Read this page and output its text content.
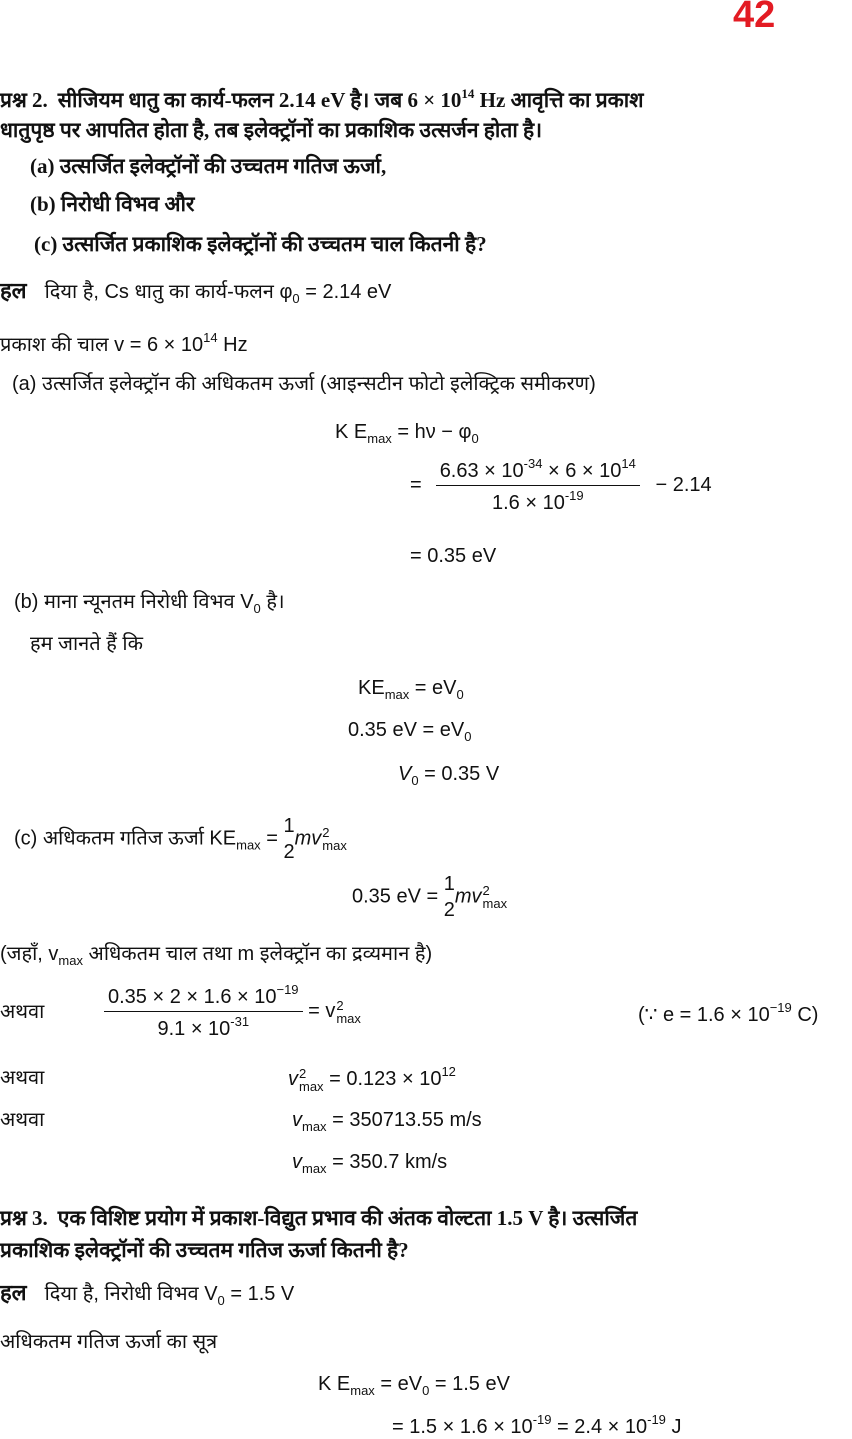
42
प्रश्न 2. सीजियम धातु का कार्य-फलन 2.14 eV है। जब $6 \times 10^{14}$ Hz आवृत्ति का प्रकाश
धातुपृष्ठ पर आपतित होता है, तब इलेक्ट्रॉनों का प्रकाशिक उत्सर्जन होता है।
(a) उत्सर्जित इलेक्ट्रॉनों की उच्चतम गतिज ऊर्जा,
(b) निरोधी विभव और
(c) उत्सर्जित प्रकाशिक इलेक्ट्रॉनों की उच्चतम चाल कितनी है?
हल दिया है, Cs धातु का कार्य-फलन $\varphi_0 = 2.14$ eV
प्रकाश की चाल $v = 6 \times 10^{14}$ Hz
(a) उत्सर्जित इलेक्ट्रॉन की अधिकतम ऊर्जा (आइन्सटीन फोटो इलेक्ट्रिक समीकरण)
K $E_{max} = h\nu - \varphi_0$
= $\frac{6.63 \times 10^{-34} \times 6 \times 10^{14}}{1.6 \times 10^{-19}} - 2.14$
= 0.35 eV
(b) माना न्यूनतम निरोधी विभव $V_0$ है।
हम जानते हैं कि
$KE_{max} = eV_0$
0.35 eV = $eV_0$
$V_0 = 0.35$ V
(c) अधिकतम गतिज ऊर्जा $KE_{max}$ =
1
2
mv 2
max
0.35 eV =
1
2
mv 2
max
(जहाँ, $v_{max}$ अधिकतम चाल तथा m इलेक्ट्रॉन का द्रव्यमान है)
अथवा	$\frac{0.35 \times 2 \times 1.6 \times 10^{-19}}{9.1 \times 10^{-31}} = v$ 2
max	(∵ $e = 1.6 \times 10^{-19}$ C)
अथवा	v 2
$\max = 0.123 \times 10^{12}$
अथवा	$v_{max} = 350713.55$ m/s
$v_{max} = 350.7$ km/s
प्रश्न 3. एक विशिष्ट प्रयोग में प्रकाश-विद्युत प्रभाव की अंतक वोल्टता 1.5 V है। उत्सर्जित
प्रकाशिक इलेक्ट्रॉनों की उच्चतम गतिज ऊर्जा कितनी है?
हल दिया है, निरोधी विभव $V_0 = 1.5$ V
अधिकतम गतिज ऊर्जा का सूत्र
K $E_{max} = eV_0 = 1.5$ eV
= $1.5 \times 1.6 \times 10^{-19} = 2.4 \times 10^{-19}$ J
